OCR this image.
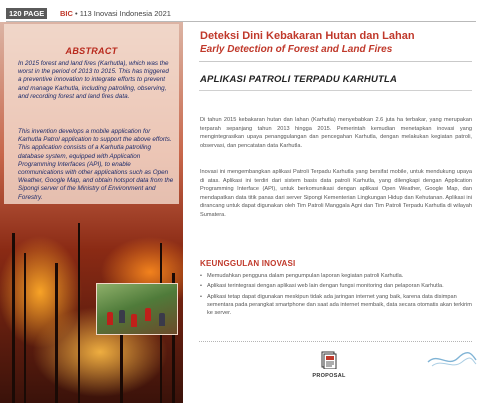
120 PAGE	BIC • 113 Inovasi Indonesia 2021
ABSTRACT

In 2015 forest and land fires (Karhutla), which was the worst in the period of 2013 to 2015. This has triggered a preventive innovation to integrate efforts to prevent and manage Karhutla, including patrolling, observing, and recording forest and land fires data.

This invention develops a mobile application for Karhutla Patrol application to support the above efforts. This application consists of a Karhutla patrolling database system, equipped with Application Programming Interfaces (API), to enable communications with other applications such as Open Weather, Google Map, and obtain hotspot data from the Sipongi server of the Ministry of Environment and Forestry.

Deteksi Dini Kebakaran Hutan dan Lahan
Early Detection of Forest and Land Fires
APLIKASI PATROLI TERPADU KARHUTLA

Di tahun 2015 kebakaran hutan dan lahan (Karhutla) menyebabkan 2.6 juta ha terbakar, yang merupakan terparah sepanjang tahun 2013 hingga 2015. Pemerintah kemudian menetapkan inovasi yang mengintegrasikan upaya penanggulangan dan pencegahan Karhutla, dengan melakukan kegiatan patroli, observasi, dan pencatatan data Karhutla.

Inovasi ini mengembangkan aplikasi Patroli Terpadu Karhutla yang bersifat mobile, untuk mendukung upaya di atas. Aplikasi ini terdiri dari sistem basis data patroli Karhutla, yang dilengkapi dengan Application Programming Interface (API), untuk berkomunikasi dengan aplikasi Open Weather, Google Map, dan mendapatkan data titik panas dari server Sipongi Kementerian Lingkungan Hidup dan Kehutanan. Aplikasi ini dirancang untuk dapat digunakan oleh Tim Patroli Manggala Agni dan Tim Patroli Terpadu Karhutla di wilayah Sumatera.

KEUNGGULAN INOVASI
• Memudahkan pengguna dalam pengumpulan laporan kegiatan patroli Karhutla.
• Aplikasi terintegrasi dengan aplikasi web lain dengan fungsi monitoring dan pelaporan Karhutla.
• Aplikasi tetap dapat digunakan meskipun tidak ada jaringan internet yang baik, karena data disimpan sementara pada perangkat smartphone dan saat ada internet membaik, data secara otomatis akan terkirim ke server.
PROPOSAL
